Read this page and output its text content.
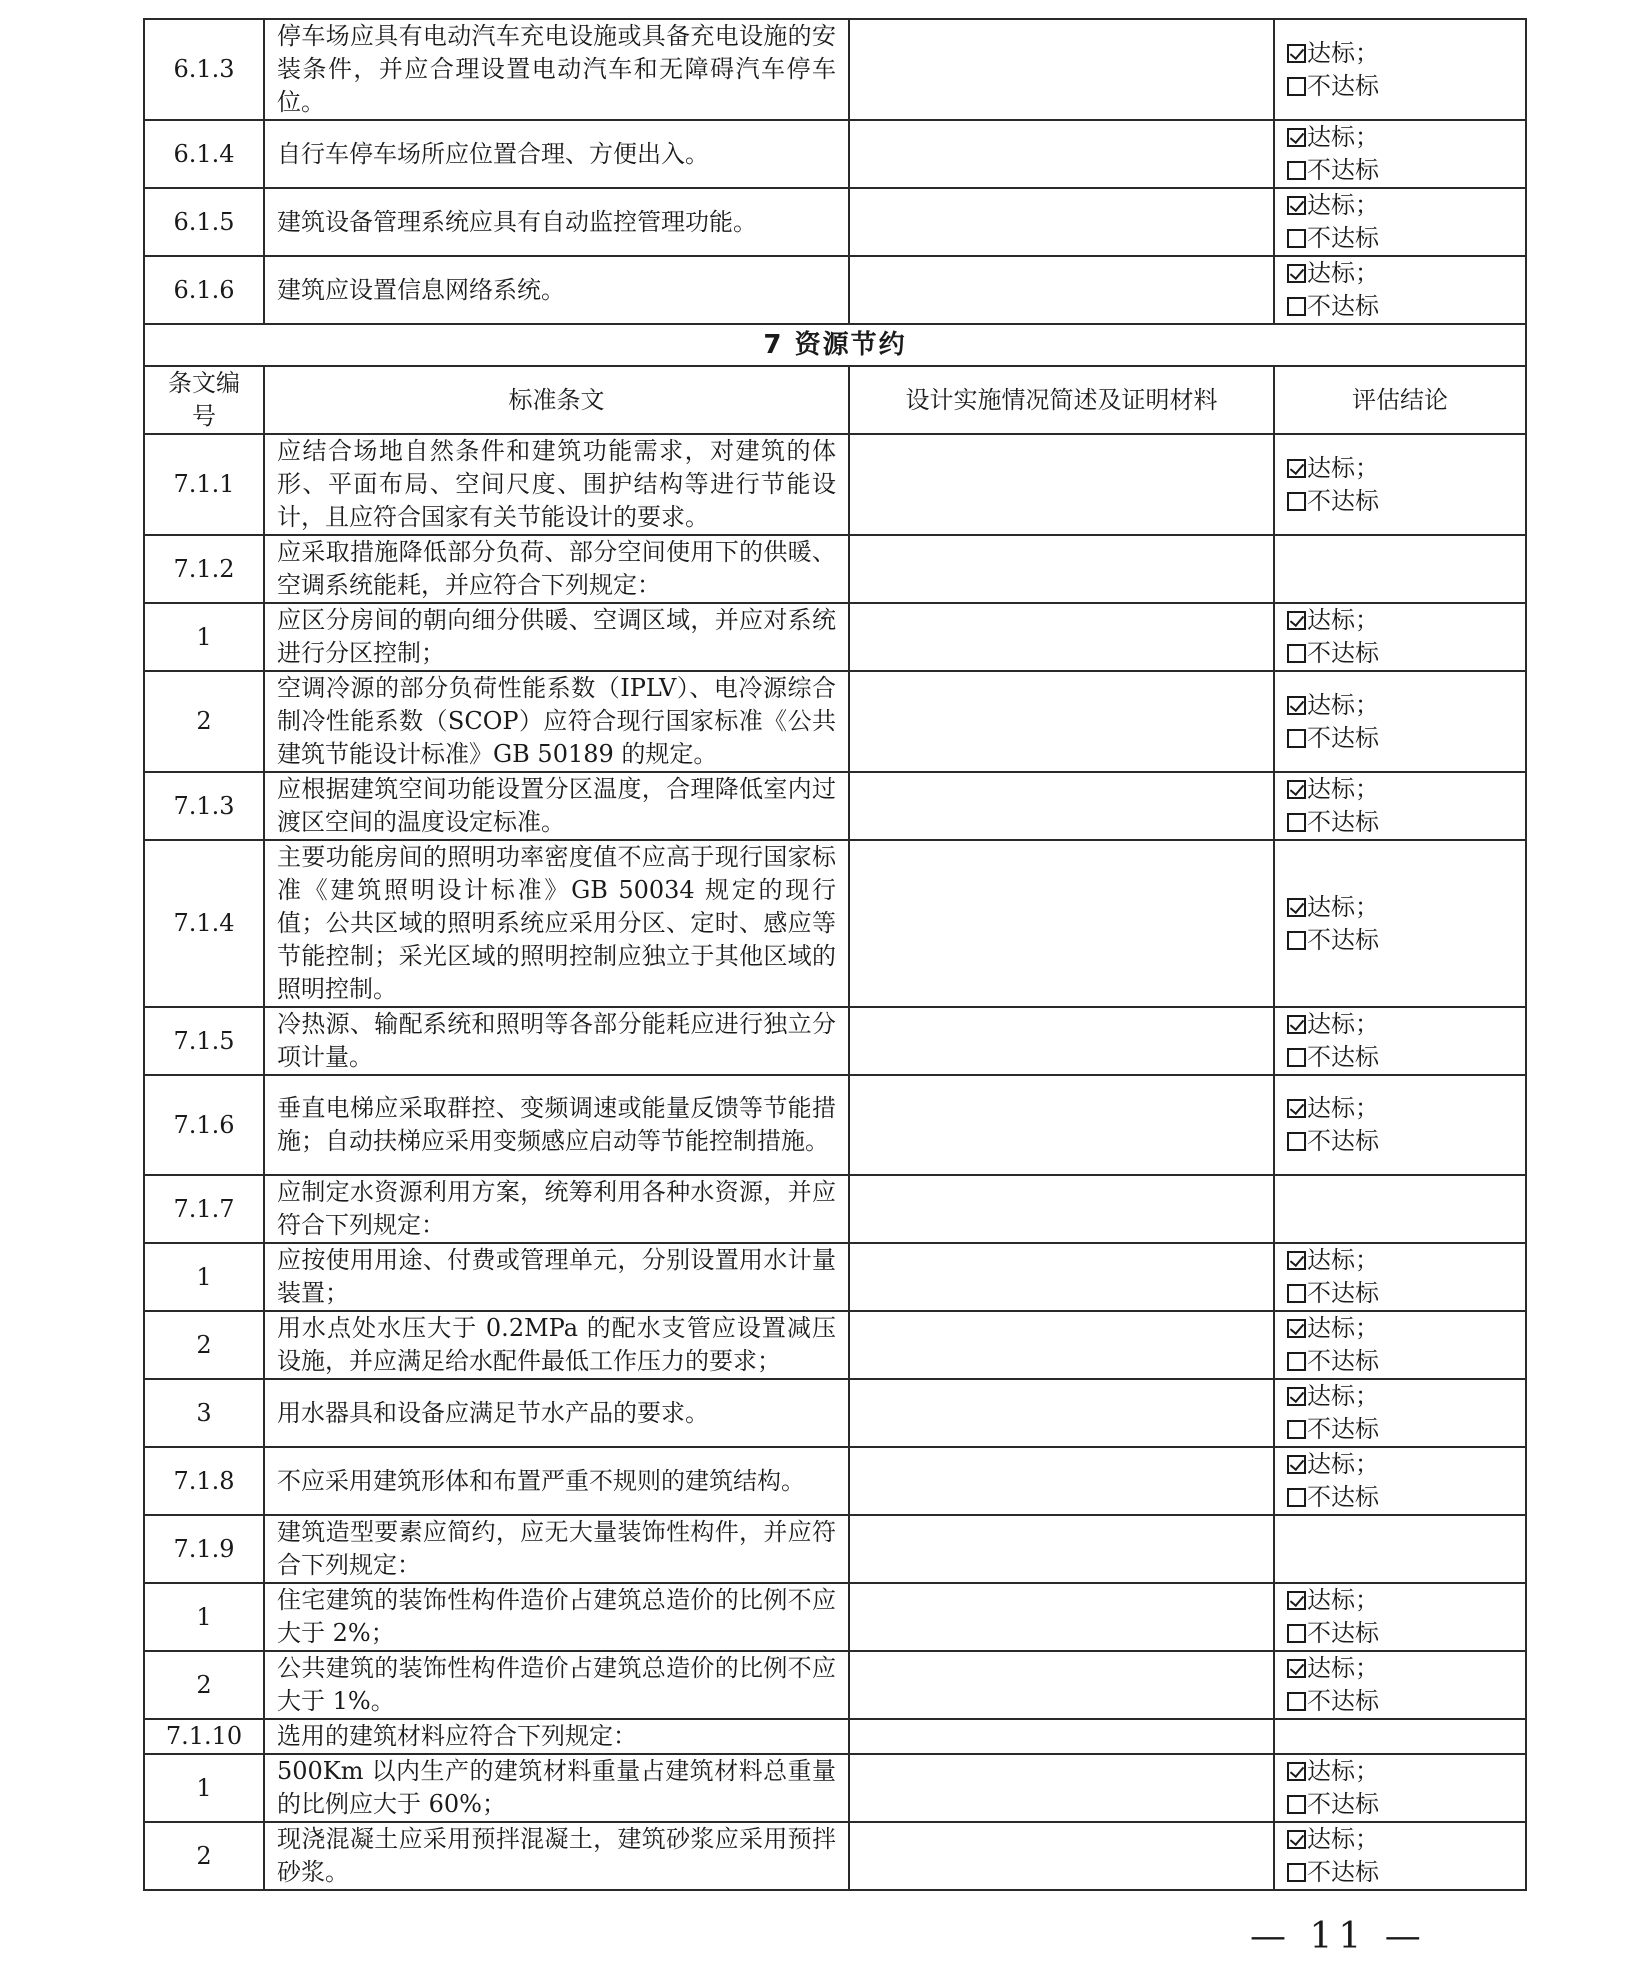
6.1.3	停车场应具有电动汽车充电设施或具备充电设施的安装条件，并应合理设置电动汽车和无障碍汽车停车位。		达标；
不达标

6.1.4	自行车停车场所应位置合理、方便出入。		达标；
不达标

6.1.5	建筑设备管理系统应具有自动监控管理功能。		达标；
不达标

6.1.6	建筑应设置信息网络系统。		达标；
不达标

7 资源节约			
条文编号	标准条文	设计实施情况简述及证明材料	评估结论
7.1.1	应结合场地自然条件和建筑功能需求，对建筑的体形、平面布局、空间尺度、围护结构等进行节能设计，且应符合国家有关节能设计的要求。		达标；
不达标

7.1.2	应采取措施降低部分负荷、部分空间使用下的供暖、空调系统能耗，并应符合下列规定：		
1	应区分房间的朝向细分供暖、空调区域，并应对系统进行分区控制；		达标；
不达标

2	空调冷源的部分负荷性能系数（IPLV）、电冷源综合制冷性能系数（SCOP）应符合现行国家标准《公共建筑节能设计标准》GB 50189 的规定。		达标；
不达标

7.1.3	应根据建筑空间功能设置分区温度，合理降低室内过渡区空间的温度设定标准。		达标；
不达标

7.1.4	主要功能房间的照明功率密度值不应高于现行国家标准《建筑照明设计标准》GB 50034 规定的现行值；公共区域的照明系统应采用分区、定时、感应等节能控制；采光区域的照明控制应独立于其他区域的照明控制。		达标；
不达标

7.1.5	冷热源、输配系统和照明等各部分能耗应进行独立分项计量。		达标；
不达标

7.1.6	垂直电梯应采取群控、变频调速或能量反馈等节能措施；自动扶梯应采用变频感应启动等节能控制措施。		达标；
不达标

7.1.7	应制定水资源利用方案，统筹利用各种水资源，并应符合下列规定：		
1	应按使用用途、付费或管理单元，分别设置用水计量装置；		达标；
不达标

2	用水点处水压大于 0.2MPa 的配水支管应设置减压设施，并应满足给水配件最低工作压力的要求；		达标；
不达标

3	用水器具和设备应满足节水产品的要求。		达标；
不达标

7.1.8	不应采用建筑形体和布置严重不规则的建筑结构。		达标；
不达标

7.1.9	建筑造型要素应简约，应无大量装饰性构件，并应符合下列规定：		
1	住宅建筑的装饰性构件造价占建筑总造价的比例不应大于 2%；		达标；
不达标

2	公共建筑的装饰性构件造价占建筑总造价的比例不应大于 1%。		达标；
不达标

7.1.10	选用的建筑材料应符合下列规定：		
1	500Km 以内生产的建筑材料重量占建筑材料总重量的比例应大于 60%；		达标；
不达标

2	现浇混凝土应采用预拌混凝土，建筑砂浆应采用预拌砂浆。		达标；
不达标
— 11 —
